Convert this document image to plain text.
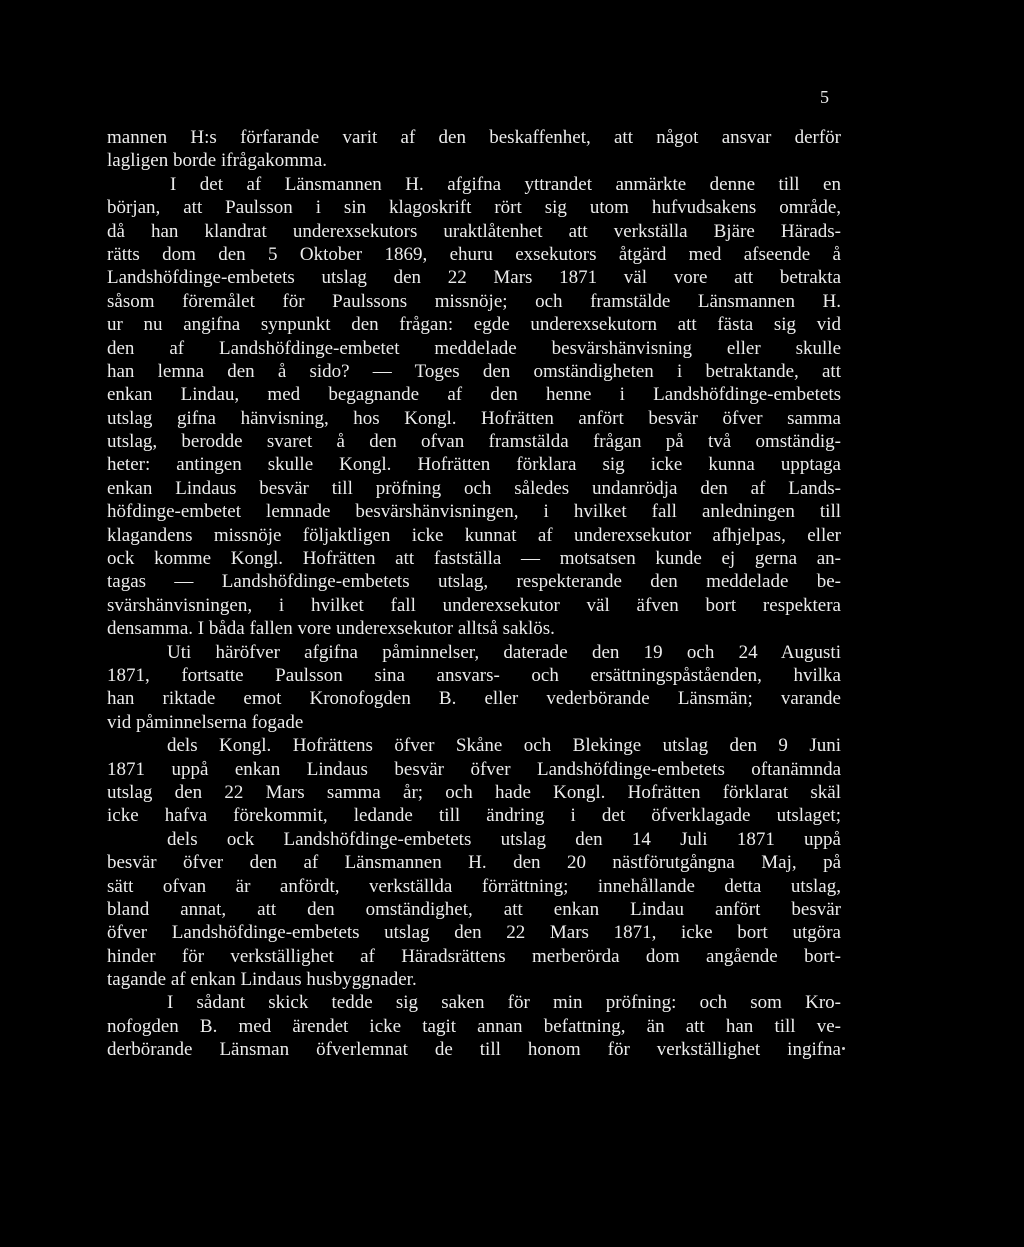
5
mannen H:s förfarande varit af den beskaffenhet, att något ansvar derför
lagligen borde ifrågakomma.
I det af Länsmannen H. afgifna yttrandet anmärkte denne till en
början, att Paulsson i sin klagoskrift rört sig utom hufvudsakens område,
då han klandrat underexsekutors uraktlåtenhet att verkställa Bjäre Härads-
rätts dom den 5 Oktober 1869, ehuru exsekutors åtgärd med afseende å
Landshöfdinge-embetets utslag den 22 Mars 1871 väl vore att betrakta
såsom föremålet för Paulssons missnöje; och framstälde Länsmannen H.
ur nu angifna synpunkt den frågan: egde underexsekutorn att fästa sig vid
den af Landshöfdinge-embetet meddelade besvärshänvisning eller skulle
han lemna den å sido? — Toges den omständigheten i betraktande, att
enkan Lindau, med begagnande af den henne i Landshöfdinge-embetets
utslag gifna hänvisning, hos Kongl. Hofrätten anfört besvär öfver samma
utslag, berodde svaret å den ofvan framstälda frågan på två omständig-
heter: antingen skulle Kongl. Hofrätten förklara sig icke kunna upptaga
enkan Lindaus besvär till pröfning och således undanrödja den af Lands-
höfdinge-embetet lemnade besvärshänvisningen, i hvilket fall anledningen till
klagandens missnöje följaktligen icke kunnat af underexsekutor afhjelpas, eller
ock komme Kongl. Hofrätten att fastställa — motsatsen kunde ej gerna an-
tagas — Landshöfdinge-embetets utslag, respekterande den meddelade be-
svärshänvisningen, i hvilket fall underexsekutor väl äfven bort respektera
densamma. I båda fallen vore underexsekutor alltså saklös.
Uti häröfver afgifna påminnelser, daterade den 19 och 24 Augusti
1871, fortsatte Paulsson sina ansvars- och ersättningspåståenden, hvilka
han riktade emot Kronofogden B. eller vederbörande Länsmän; varande
vid påminnelserna fogade
dels Kongl. Hofrättens öfver Skåne och Blekinge utslag den 9 Juni
1871 uppå enkan Lindaus besvär öfver Landshöfdinge-embetets oftanämnda
utslag den 22 Mars samma år; och hade Kongl. Hofrätten förklarat skäl
icke hafva förekommit, ledande till ändring i det öfverklagade utslaget;
dels ock Landshöfdinge-embetets utslag den 14 Juli 1871 uppå
besvär öfver den af Länsmannen H. den 20 nästförutgångna Maj, på
sätt ofvan är anfördt, verkställda förrättning; innehållande detta utslag,
bland annat, att den omständighet, att enkan Lindau anfört besvär
öfver Landshöfdinge-embetets utslag den 22 Mars 1871, icke bort utgöra
hinder för verkställighet af Häradsrättens merberörda dom angående bort-
tagande af enkan Lindaus husbyggnader.
I sådant skick tedde sig saken för min pröfning: och som Kro-
nofogden B. med ärendet icke tagit annan befattning, än att han till ve-
derbörande Länsman öfverlemnat de till honom för verkställighet ingifna
